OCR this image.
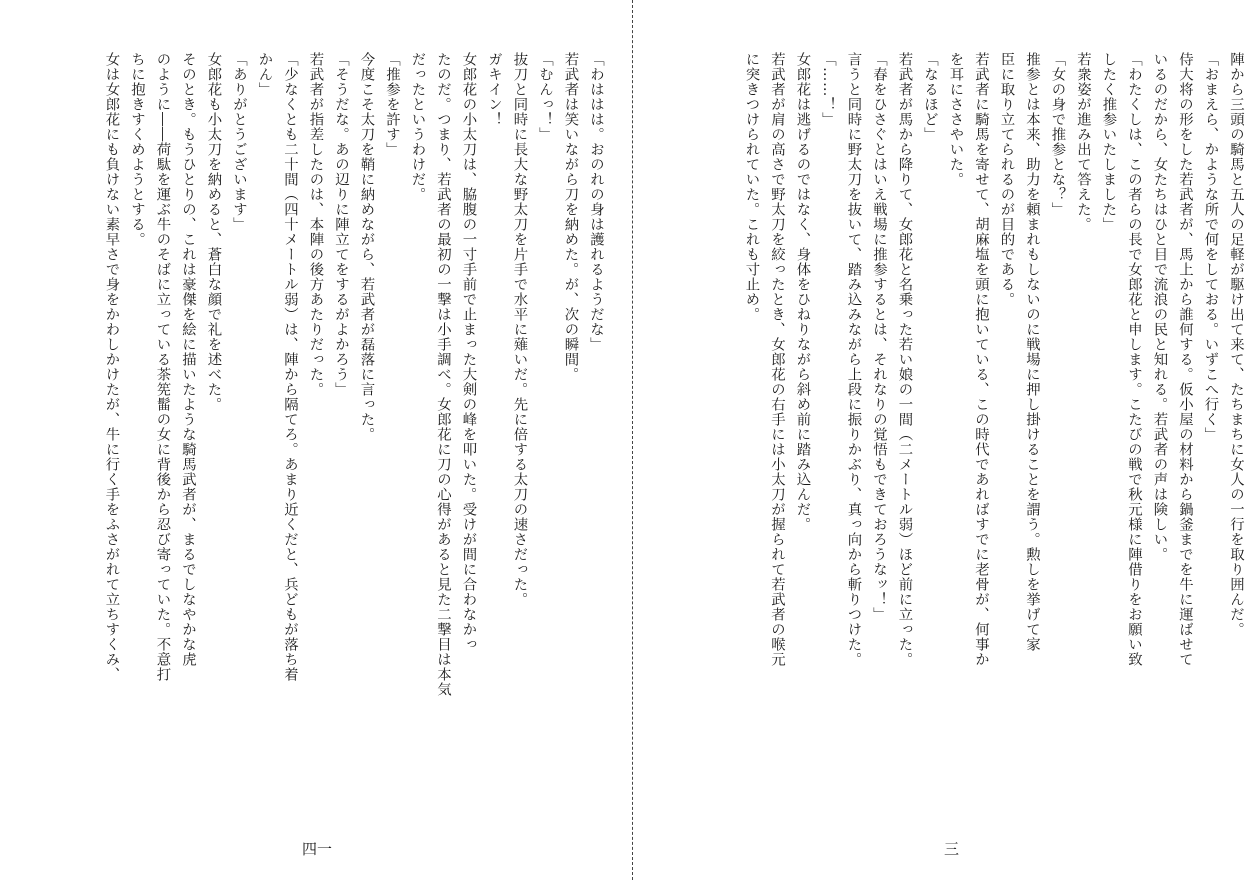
陣から三頭の騎馬と五人の足軽が駆け出て来て、たちまちに女人の一行を取り囲んだ。
「おまえら、かような所で何をしておる。いずこへ行く」
侍大将の形をした若武者が、馬上から誰何する。仮小屋の材料から鍋釜までを牛に運ばせて
いるのだから、女たちはひと目で流浪の民と知れる。若武者の声は険しい。
「わたくしは、この者らの長で女郎花と申します。こたびの戦で秋元様に陣借りをお願い致
したく推参いたしました」
若衆姿が進み出て答えた。
「女の身で推参とな？」
推参とは本来、助力を頼まれもしないのに戦場に押し掛けることを謂う。勲しを挙げて家
臣に取り立てられるのが目的である。
若武者に騎馬を寄せて、胡麻塩を頭に抱いている、この時代であればすでに老骨が、何事か
を耳にささやいた。
「なるほど」
若武者が馬から降りて、女郎花と名乗った若い娘の一間（二メートル弱）ほど前に立った。
「春をひさぐとはいえ戦場に推参するとは、それなりの覚悟もできておろうなッ！」
言うと同時に野太刀を抜いて、踏み込みながら上段に振りかぶり、真っ向から斬りつけた。
「……！」
女郎花は逃げるのではなく、身体をひねりながら斜め前に踏み込んだ。
若武者が肩の高さで野太刀を絞ったとき、女郎花の右手には小太刀が握られて若武者の喉元
に突きつけられていた。これも寸止め。
三
「わははは。おのれの身は護れるようだな」
若武者は笑いながら刀を納めた。が、次の瞬間。
「むんっ！」
抜刀と同時に長大な野太刀を片手で水平に薙いだ。先に倍する太刀の速さだった。
ガキイン！
女郎花の小太刀は、脇腹の一寸手前で止まった大剣の峰を叩いた。受けが間に合わなかっ
たのだ。つまり、若武者の最初の一撃は小手調べ。女郎花に刀の心得があると見た二撃目は本気
だったというわけだ。
「推参を許す」
今度こそ太刀を鞘に納めながら、若武者が磊落に言った。
「そうだな。あの辺りに陣立てをするがよかろう」
若武者が指差したのは、本陣の後方あたりだった。
「少なくとも二十間（四十メートル弱）は、陣から隔てろ。あまり近くだと、兵どもが落ち着
かん」
「ありがとうございます」
女郎花も小太刀を納めると、蒼白な顔で礼を述べた。
そのとき。もうひとりの、これは豪傑を絵に描いたような騎馬武者が、まるでしなやかな虎
のように――荷駄を運ぶ牛のそばに立っている茶筅髷の女に背後から忍び寄っていた。不意打
ちに抱きすくめようとする。
女は女郎花にも負けない素早さで身をかわしかけたが、牛に行く手をふさがれて立ちすくみ、
四一
